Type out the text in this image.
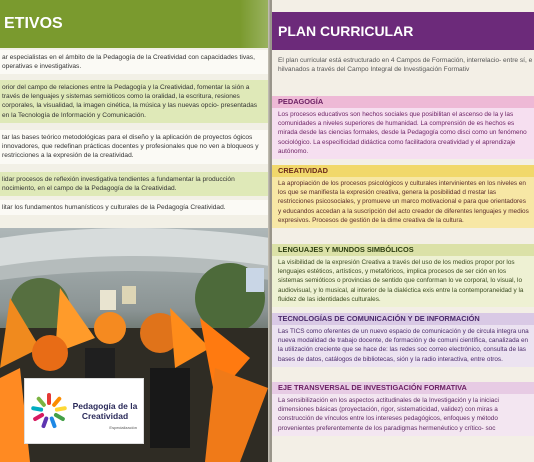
ETIVOS
ar especialistas en el ámbito de la Pedagogía de la Creatividad con capacidades tivas, operativas e investigativas.
orior del campo de relaciones entre la Pedagogía y la Creatividad, fomentar la sión a través de lenguajes y sistemas semióticos como la oralidad, la escritura, resiones corporales, la visualidad, la imagen cinética, la música y las nuevas opcio- presentadas en la Tecnología de Información y Comunicación.
tar las bases teórico metodológicas para el diseño y la aplicación de proyectos ógicos innovadores, que redefinan prácticas docentes y profesionales que no ven a bloqueos y restricciones a la expresión de la creatividad.
lidar procesos de reflexión investigativa tendientes a fundamentar la producción nocimiento, en el campo de la Pedagogía de la Creatividad.
litar los fundamentos humanísticos y culturales de la Pedagogía Creatividad.
Pedagogía de la Creatividad
Especialización
PLAN CURRICULAR
El plan curricular está estructurado en 4 Campos de Formación, interrelacio- entre sí, e hilvanados a través del Campo Integral de Investigación Formativ
PEDAGOGÍA
Los procesos educativos son hechos sociales que posibilitan el ascenso de la y las comunidades a niveles superiores de humanidad. La comprensión de es hechos es mirada desde las ciencias formales, desde la Pedagogía como disci como un fenómeno sociológico. La especificidad didáctica como facilitadora creatividad y el aprendizaje autónomo.
CREATIVIDAD
La apropiación de los procesos psicológicos y culturales intervinientes en los niveles en los que se manifiesta la expresión creativa, genera la posibilidad d rrestar las restricciones psicosociales, y promueve un marco motivacional e para que orientadores y educandos accedan a la suscripción del acto creador de diferentes lenguajes y medios expresivos. Procesos de gestión de la dime creativa de la cultura.
LENGUAJES Y MUNDOS SIMBÓLICOS
La visibilidad de la expresión Creativa a través del uso de los medios propor por los lenguajes estéticos, artísticos, y metafóricos, implica procesos de ser ción en los sistemas semióticos o provincias de sentido que conforman lo ve corporal, lo visual, lo audiovisual, y lo musical, al interior de la dialéctica exis entre la contemporaneidad y la fluidez de las identidades culturales.
TECNOLOGÍAS DE COMUNICACIÓN Y DE INFORMACIÓN
Las TICS como oferentes de un nuevo espacio de comunicación y de circula integra una nueva modalidad de trabajo docente, de formación y de comuni científica, canalizada en la utilización creciente que se hace de: las redes soc correo electrónico, consulta de las bases de datos, catálogos de bibliotecas, sión y la radio interactiva, entre otros.
EJE TRANSVERSAL DE INVESTIGACIÓN FORMATIVA
La sensibilización en los aspectos actitudinales de la Investigación y la iniciaci dimensiones básicas (proyectación, rigor, sistematicidad, validez) con miras a construcción de vínculos entre los intereses pedagógicos, enfoques y método provenientes preferentemente de los paradigmas hermenéutico y crítico- soc
